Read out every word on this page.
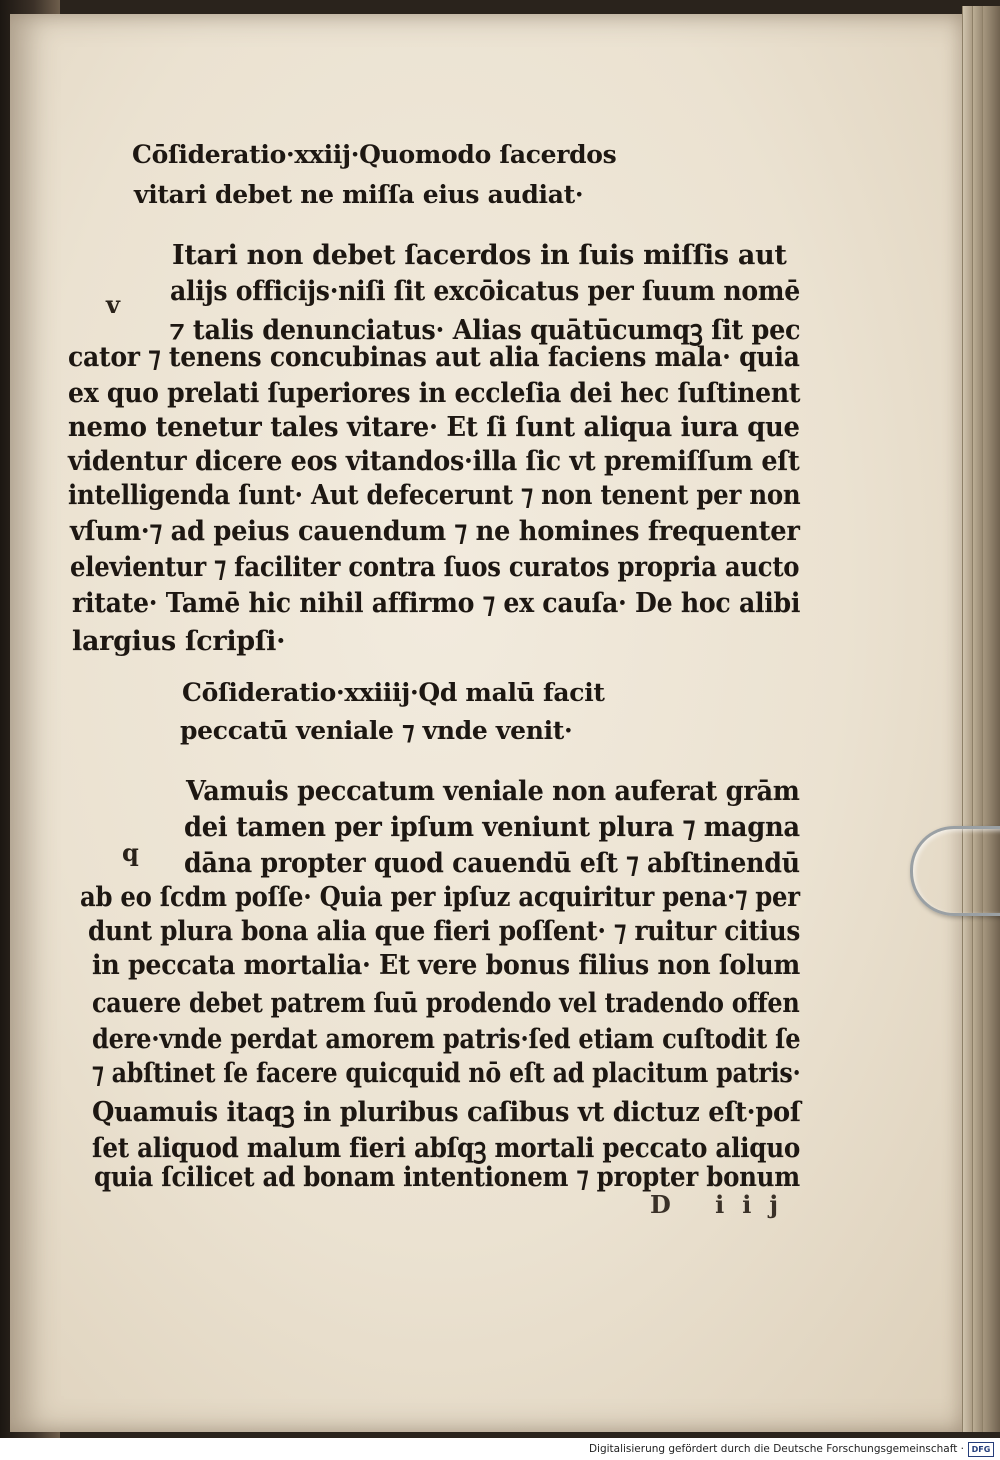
Cōſideratio·xxiij·Quomodo ſacerdos
vitari debet ne miſſa eius audiat·
v
Itari non debet ſacerdos in ſuis miſſis aut
alijs officijs·niſi ſit excōicatus per ſuum nomē
⁊ talis denunciatus· Alias quātūcumqꝫ ſit pec
cator ⁊ tenens concubinas aut alia faciens mala· quia
ex quo prelati ſuperiores in eccleſia dei hec ſuſtinent
nemo tenetur tales vitare· Et ſi ſunt aliqua iura que
videntur dicere eos vitandos·illa ſic vt premiſſum eſt
intelligenda ſunt· Aut defecerunt ⁊ non tenent per non
vſum·⁊ ad peius cauendum ⁊ ne homines frequenter
elevientur ⁊ faciliter contra ſuos curatos propria aucto
ritate· Tamē hic nihil affirmo ⁊ ex cauſa· De hoc alibi
largius ſcripſi·
Cōſideratio·xxiiij·Qd malū facit
peccatū veniale ⁊ vnde venit·
q
Vamuis peccatum veniale non auferat grām
dei tamen per ipſum veniunt plura ⁊ magna
dāna propter quod cauendū eſt ⁊ abſtinendū
ab eo ſcdm poſſe· Quia per ipſuz acquiritur pena·⁊ per
dunt plura bona alia que fieri poſſent· ⁊ ruitur citius
in peccata mortalia· Et vere bonus filius non ſolum
cauere debet patrem ſuū prodendo vel tradendo offen
dere·vnde perdat amorem patris·ſed etiam cuſtodit ſe
⁊ abſtinet ſe facere quicquid nō eſt ad placitum patris·
Quamuis itaqꝫ in pluribus caſibus vt dictuz eſt·poſ
ſet aliquod malum fieri abſqꝫ mortali peccato aliquo
quia ſcilicet ad bonam intentionem ⁊ propter bonum
D iij
Digitalisierung gefördert durch die Deutsche Forschungsgemeinschaft · DFG
